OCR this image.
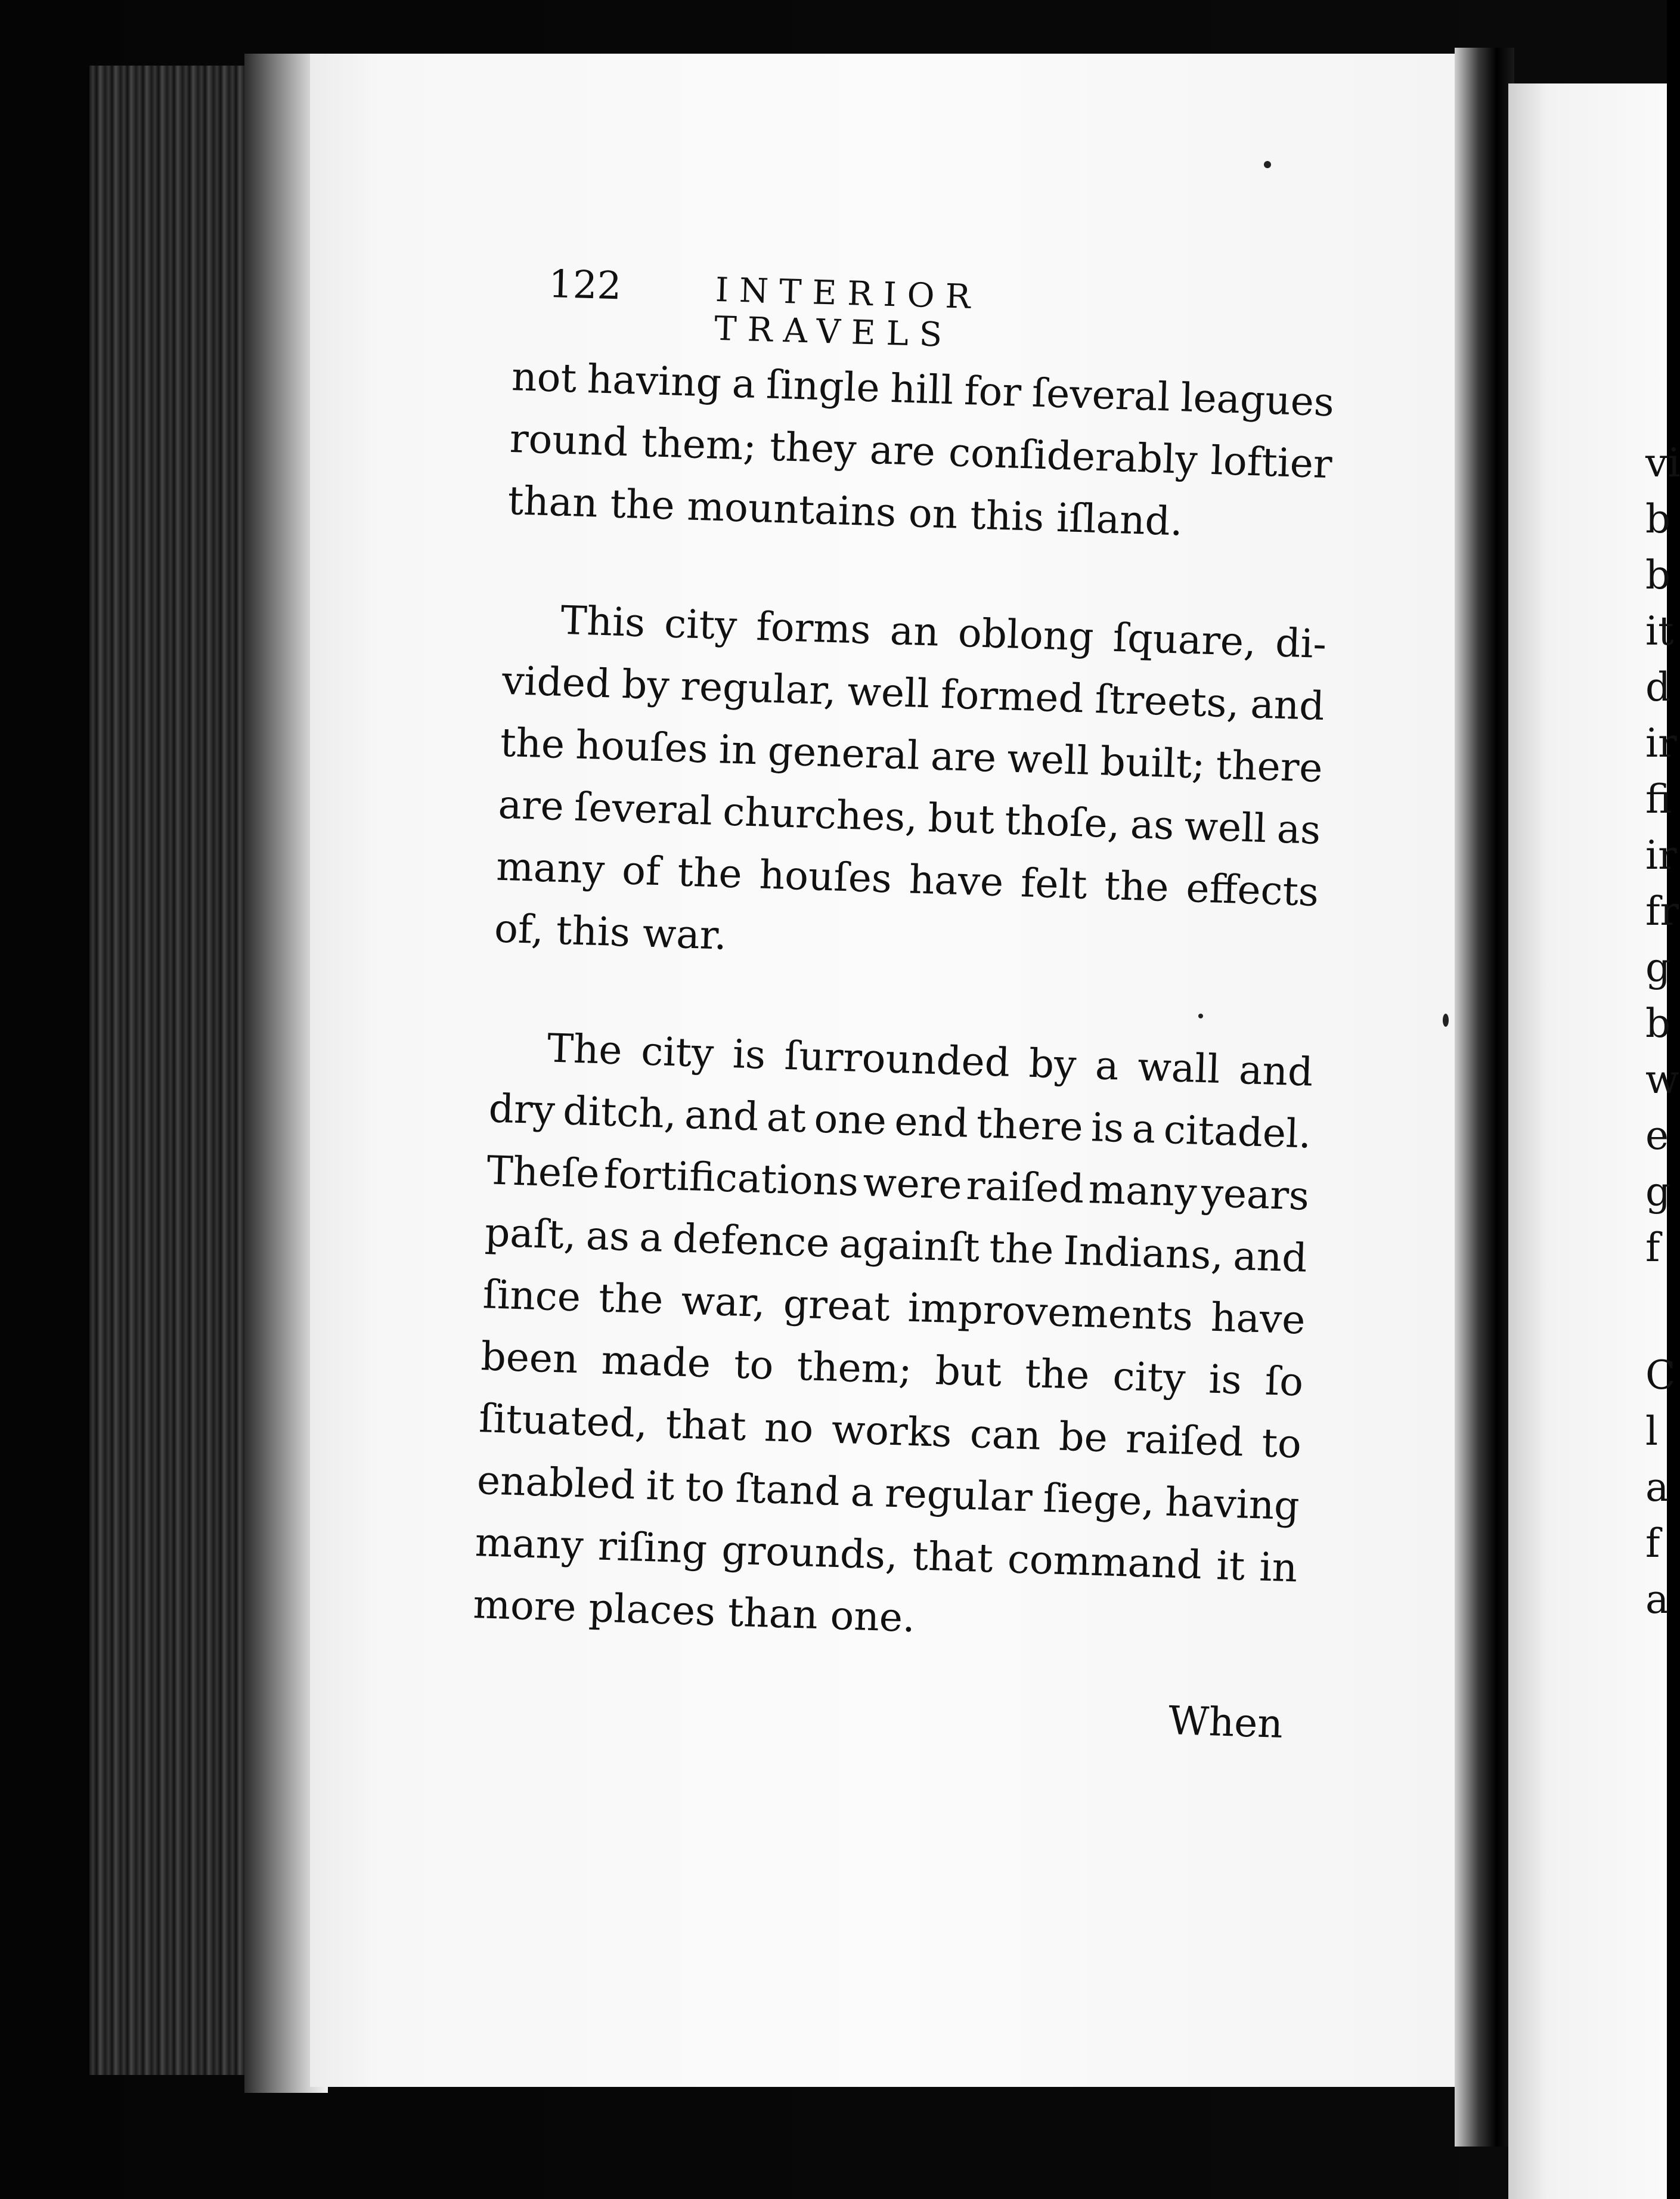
122	INTERIOR TRAVELS
not having a ſingle hill for ſeveral leagues
round them; they are conſiderably loftier
than the mountains on this iſland.
This city forms an oblong ſquare, di-
vided by regular, well formed ſtreets, and
the houſes in general are well built; there
are ſeveral churches, but thoſe, as well as
many of the houſes have felt the effects
of, this war.
The city is ſurrounded by a wall and
dry ditch, and at one end there is a citadel.
Theſe fortifications were raiſed many years
paſt, as a defence againſt the Indians, and
ſince the war, great improvements have
been made to them; but the city is ſo
ſituated, that no works can be raiſed to
enabled it to ſtand a regular ſiege, having
many riſing grounds, that command it in
more places than one.
When
vi
b
b
it
d
ir
fi
ir
fr
g
b
w
e
g
f
C
l
a
f
a
